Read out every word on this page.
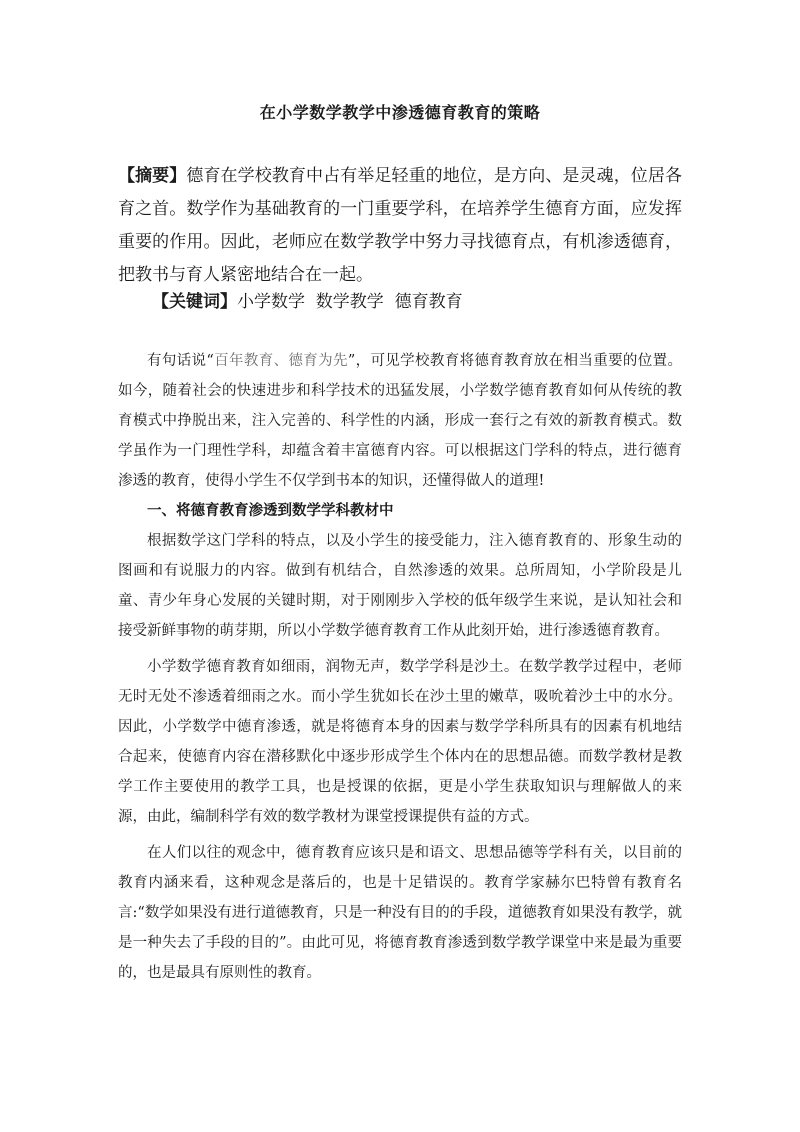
在小学数学教学中渗透德育教育的策略

【摘要】德育在学校教育中占有举足轻重的地位，是方向、是灵魂，位居各育之首。数学作为基础教育的一门重要学科，在培养学生德育方面，应发挥重要的作用。因此，老师应在数学教学中努力寻找德育点，有机渗透德育，把教书与育人紧密地结合在一起。

【关键词】小学数学  数学教学  德育教育

有句话说“百年教育、德育为先”，可见学校教育将德育教育放在相当重要的位置。如今，随着社会的快速进步和科学技术的迅猛发展，小学数学德育教育如何从传统的教育模式中挣脱出来，注入完善的、科学性的内涵，形成一套行之有效的新教育模式。数学虽作为一门理性学科，却蕴含着丰富德育内容。可以根据这门学科的特点，进行德育渗透的教育，使得小学生不仅学到书本的知识，还懂得做人的道理!

一、将德育教育渗透到数学学科教材中

根据数学这门学科的特点，以及小学生的接受能力，注入德育教育的、形象生动的图画和有说服力的内容。做到有机结合，自然渗透的效果。总所周知，小学阶段是儿童、青少年身心发展的关键时期，对于刚刚步入学校的低年级学生来说，是认知社会和接受新鲜事物的萌芽期，所以小学数学德育教育工作从此刻开始，进行渗透德育教育。

小学数学德育教育如细雨，润物无声，数学学科是沙土。在数学教学过程中，老师无时无处不渗透着细雨之水。而小学生犹如长在沙土里的嫩草，吸吮着沙土中的水分。因此，小学数学中德育渗透，就是将德育本身的因素与数学学科所具有的因素有机地结合起来，使德育内容在潜移默化中逐步形成学生个体内在的思想品德。而数学教材是教学工作主要使用的教学工具，也是授课的依据，更是小学生获取知识与理解做人的来源，由此，编制科学有效的数学教材为课堂授课提供有益的方式。

在人们以往的观念中，德育教育应该只是和语文、思想品德等学科有关，以目前的教育内涵来看，这种观念是落后的，也是十足错误的。教育学家赫尔巴特曾有教育名言:“数学如果没有进行道德教育，只是一种没有目的的手段，道德教育如果没有教学，就是一种失去了手段的目的”。由此可见，将德育教育渗透到数学教学课堂中来是最为重要的，也是最具有原则性的教育。
